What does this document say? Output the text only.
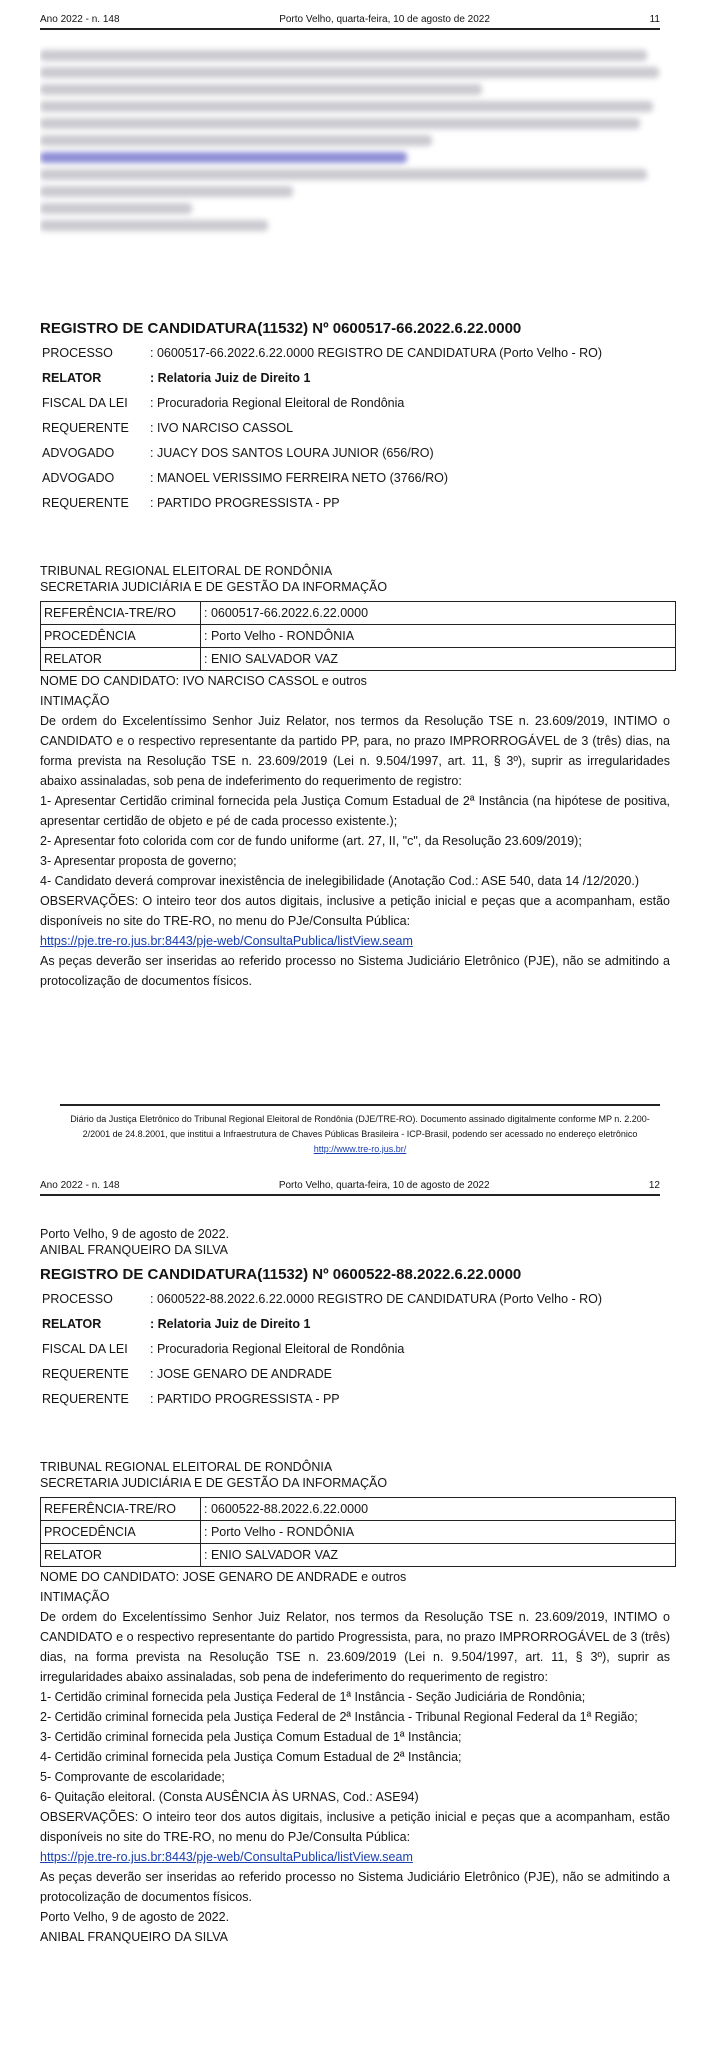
Ano 2022 - n. 148	Porto Velho, quarta-feira, 10 de agosto de 2022	11
REGISTRO DE CANDIDATURA(11532) Nº 0600517-66.2022.6.22.0000
PROCESSO	: 0600517-66.2022.6.22.0000 REGISTRO DE CANDIDATURA (Porto Velho - RO)
RELATOR	: Relatoria Juiz de Direito 1
FISCAL DA LEI	: Procuradoria Regional Eleitoral de Rondônia
REQUERENTE	: IVO NARCISO CASSOL
ADVOGADO	: JUACY DOS SANTOS LOURA JUNIOR (656/RO)
ADVOGADO	: MANOEL VERISSIMO FERREIRA NETO (3766/RO)
REQUERENTE	: PARTIDO PROGRESSISTA - PP
TRIBUNAL REGIONAL ELEITORAL DE RONDÔNIA
SECRETARIA JUDICIÁRIA E DE GESTÃO DA INFORMAÇÃO
REFERÊNCIA-TRE/RO	: 0600517-66.2022.6.22.0000
PROCEDÊNCIA	: Porto Velho - RONDÔNIA
RELATOR	: ENIO SALVADOR VAZ

NOME DO CANDIDATO: IVO NARCISO CASSOL e outros

INTIMAÇÃO

De ordem do Excelentíssimo Senhor Juiz Relator, nos termos da Resolução TSE n. 23.609/2019, INTIMO o CANDIDATO e o respectivo representante da partido PP, para, no prazo IMPRORROGÁVEL de 3 (três) dias, na forma prevista na Resolução TSE n. 23.609/2019 (Lei n. 9.504/1997, art. 11, § 3º), suprir as irregularidades abaixo assinaladas, sob pena de indeferimento do requerimento de registro:

1- Apresentar Certidão criminal fornecida pela Justiça Comum Estadual de 2ª Instância (na hipótese de positiva, apresentar certidão de objeto e pé de cada processo existente.);

2- Apresentar foto colorida com cor de fundo uniforme (art. 27, II, "c", da Resolução 23.609/2019);

3- Apresentar proposta de governo;

4- Candidato deverá comprovar inexistência de inelegibilidade (Anotação Cod.: ASE 540, data 14 /12/2020.)

OBSERVAÇÕES: O inteiro teor dos autos digitais, inclusive a petição inicial e peças que a acompanham, estão disponíveis no site do TRE-RO, no menu do PJe/Consulta Pública:

https://pje.tre-ro.jus.br:8443/pje-web/ConsultaPublica/listView.seam

As peças deverão ser inseridas ao referido processo no Sistema Judiciário Eletrônico (PJE), não se admitindo a protocolização de documentos físicos.

Diário da Justiça Eletrônico do Tribunal Regional Eleitoral de Rondônia (DJE/TRE-RO). Documento assinado digitalmente conforme MP n. 2.200-2/2001 de 24.8.2001, que institui a Infraestrutura de Chaves Públicas Brasileira - ICP-Brasil, podendo ser acessado no endereço eletrônico http://www.tre-ro.jus.br/
Ano 2022 - n. 148	Porto Velho, quarta-feira, 10 de agosto de 2022	12
Porto Velho, 9 de agosto de 2022.
ANIBAL FRANQUEIRO DA SILVA
REGISTRO DE CANDIDATURA(11532) Nº 0600522-88.2022.6.22.0000
PROCESSO	: 0600522-88.2022.6.22.0000 REGISTRO DE CANDIDATURA (Porto Velho - RO)
RELATOR	: Relatoria Juiz de Direito 1
FISCAL DA LEI	: Procuradoria Regional Eleitoral de Rondônia
REQUERENTE	: JOSE GENARO DE ANDRADE
REQUERENTE	: PARTIDO PROGRESSISTA - PP
TRIBUNAL REGIONAL ELEITORAL DE RONDÔNIA
SECRETARIA JUDICIÁRIA E DE GESTÃO DA INFORMAÇÃO
REFERÊNCIA-TRE/RO	: 0600522-88.2022.6.22.0000
PROCEDÊNCIA	: Porto Velho - RONDÔNIA
RELATOR	: ENIO SALVADOR VAZ

NOME DO CANDIDATO: JOSE GENARO DE ANDRADE e outros

INTIMAÇÃO

De ordem do Excelentíssimo Senhor Juiz Relator, nos termos da Resolução TSE n. 23.609/2019, INTIMO o CANDIDATO e o respectivo representante do partido Progressista, para, no prazo IMPRORROGÁVEL de 3 (três) dias, na forma prevista na Resolução TSE n. 23.609/2019 (Lei n. 9.504/1997, art. 11, § 3º), suprir as irregularidades abaixo assinaladas, sob pena de indeferimento do requerimento de registro:

1- Certidão criminal fornecida pela Justiça Federal de 1ª Instância - Seção Judiciária de Rondônia;

2- Certidão criminal fornecida pela Justiça Federal de 2ª Instância - Tribunal Regional Federal da 1ª Região;

3- Certidão criminal fornecida pela Justiça Comum Estadual de 1ª Instância;

4- Certidão criminal fornecida pela Justiça Comum Estadual de 2ª Instância;

5- Comprovante de escolaridade;

6- Quitação eleitoral. (Consta AUSÊNCIA ÀS URNAS, Cod.: ASE94)

OBSERVAÇÕES: O inteiro teor dos autos digitais, inclusive a petição inicial e peças que a acompanham, estão disponíveis no site do TRE-RO, no menu do PJe/Consulta Pública:

https://pje.tre-ro.jus.br:8443/pje-web/ConsultaPublica/listView.seam

As peças deverão ser inseridas ao referido processo no Sistema Judiciário Eletrônico (PJE), não se admitindo a protocolização de documentos físicos.

Porto Velho, 9 de agosto de 2022.

ANIBAL FRANQUEIRO DA SILVA
